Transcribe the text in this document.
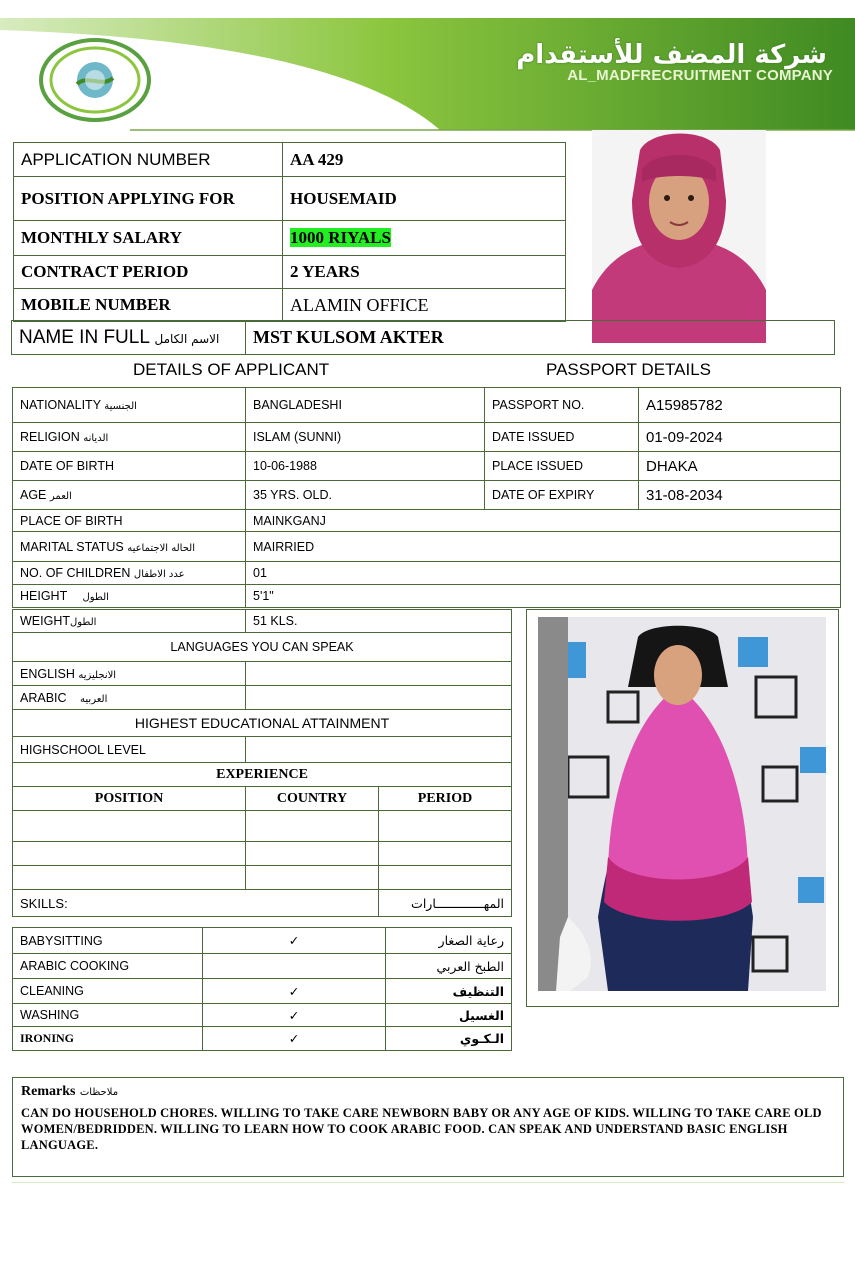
شركة المضف للأستقدام
AL_MADFRECRUITMENT COMPANY
APPLICATION NUMBER	AA 429
POSITION APPLYING FOR	HOUSEMAID
MONTHLY SALARY	1000 RIYALS
CONTRACT PERIOD	2 YEARS
MOBILE NUMBER	ALAMIN OFFICE
NAME IN FULL الاسم الكامل	MST KULSOM AKTER
DETAILS OF APPLICANT	PASSPORT DETAILS
NATIONALITY الجنسية	BANGLADESHI	PASSPORT NO.	A15985782
RELIGION الديانه	ISLAM (SUNNI)	DATE ISSUED	01-09-2024
DATE OF BIRTH	10-06-1988	PLACE ISSUED	DHAKA
AGE العمر	35 YRS. OLD.	DATE OF EXPIRY	31-08-2034
PLACE OF BIRTH	MAINKGANJ		
MARITAL STATUS الحاله الاجتماعيه	MAIRRIED		
NO. OF CHILDREN عدد الاطفال	01		
HEIGHT الطول	5'1"		
WEIGHTالطول	51 KLS.	
LANGUAGES YOU CAN SPEAK		
ENGLISH الانجليزيه		
ARABIC العربيه		
HIGHEST EDUCATIONAL ATTAINMENT		
HIGHSCHOOL LEVEL		
EXPERIENCE		
POSITION	COUNTRY	PERIOD

SKILLS:		المهـــــــــــــارات
BABYSITTING	✓	رعاية الصغار
ARABIC COOKING		الطبخ العربي
CLEANING	✓	التنظيف
WASHING	✓	الغسيل
IRONING	✓	الـكـوي
Remarks ملاحظات
CAN DO HOUSEHOLD CHORES. WILLING TO TAKE CARE NEWBORN BABY OR ANY AGE OF KIDS. WILLING TO TAKE CARE OLD WOMEN/BEDRIDDEN. WILLING TO LEARN HOW TO COOK ARABIC FOOD. CAN SPEAK AND UNDERSTAND BASIC ENGLISH LANGUAGE.
